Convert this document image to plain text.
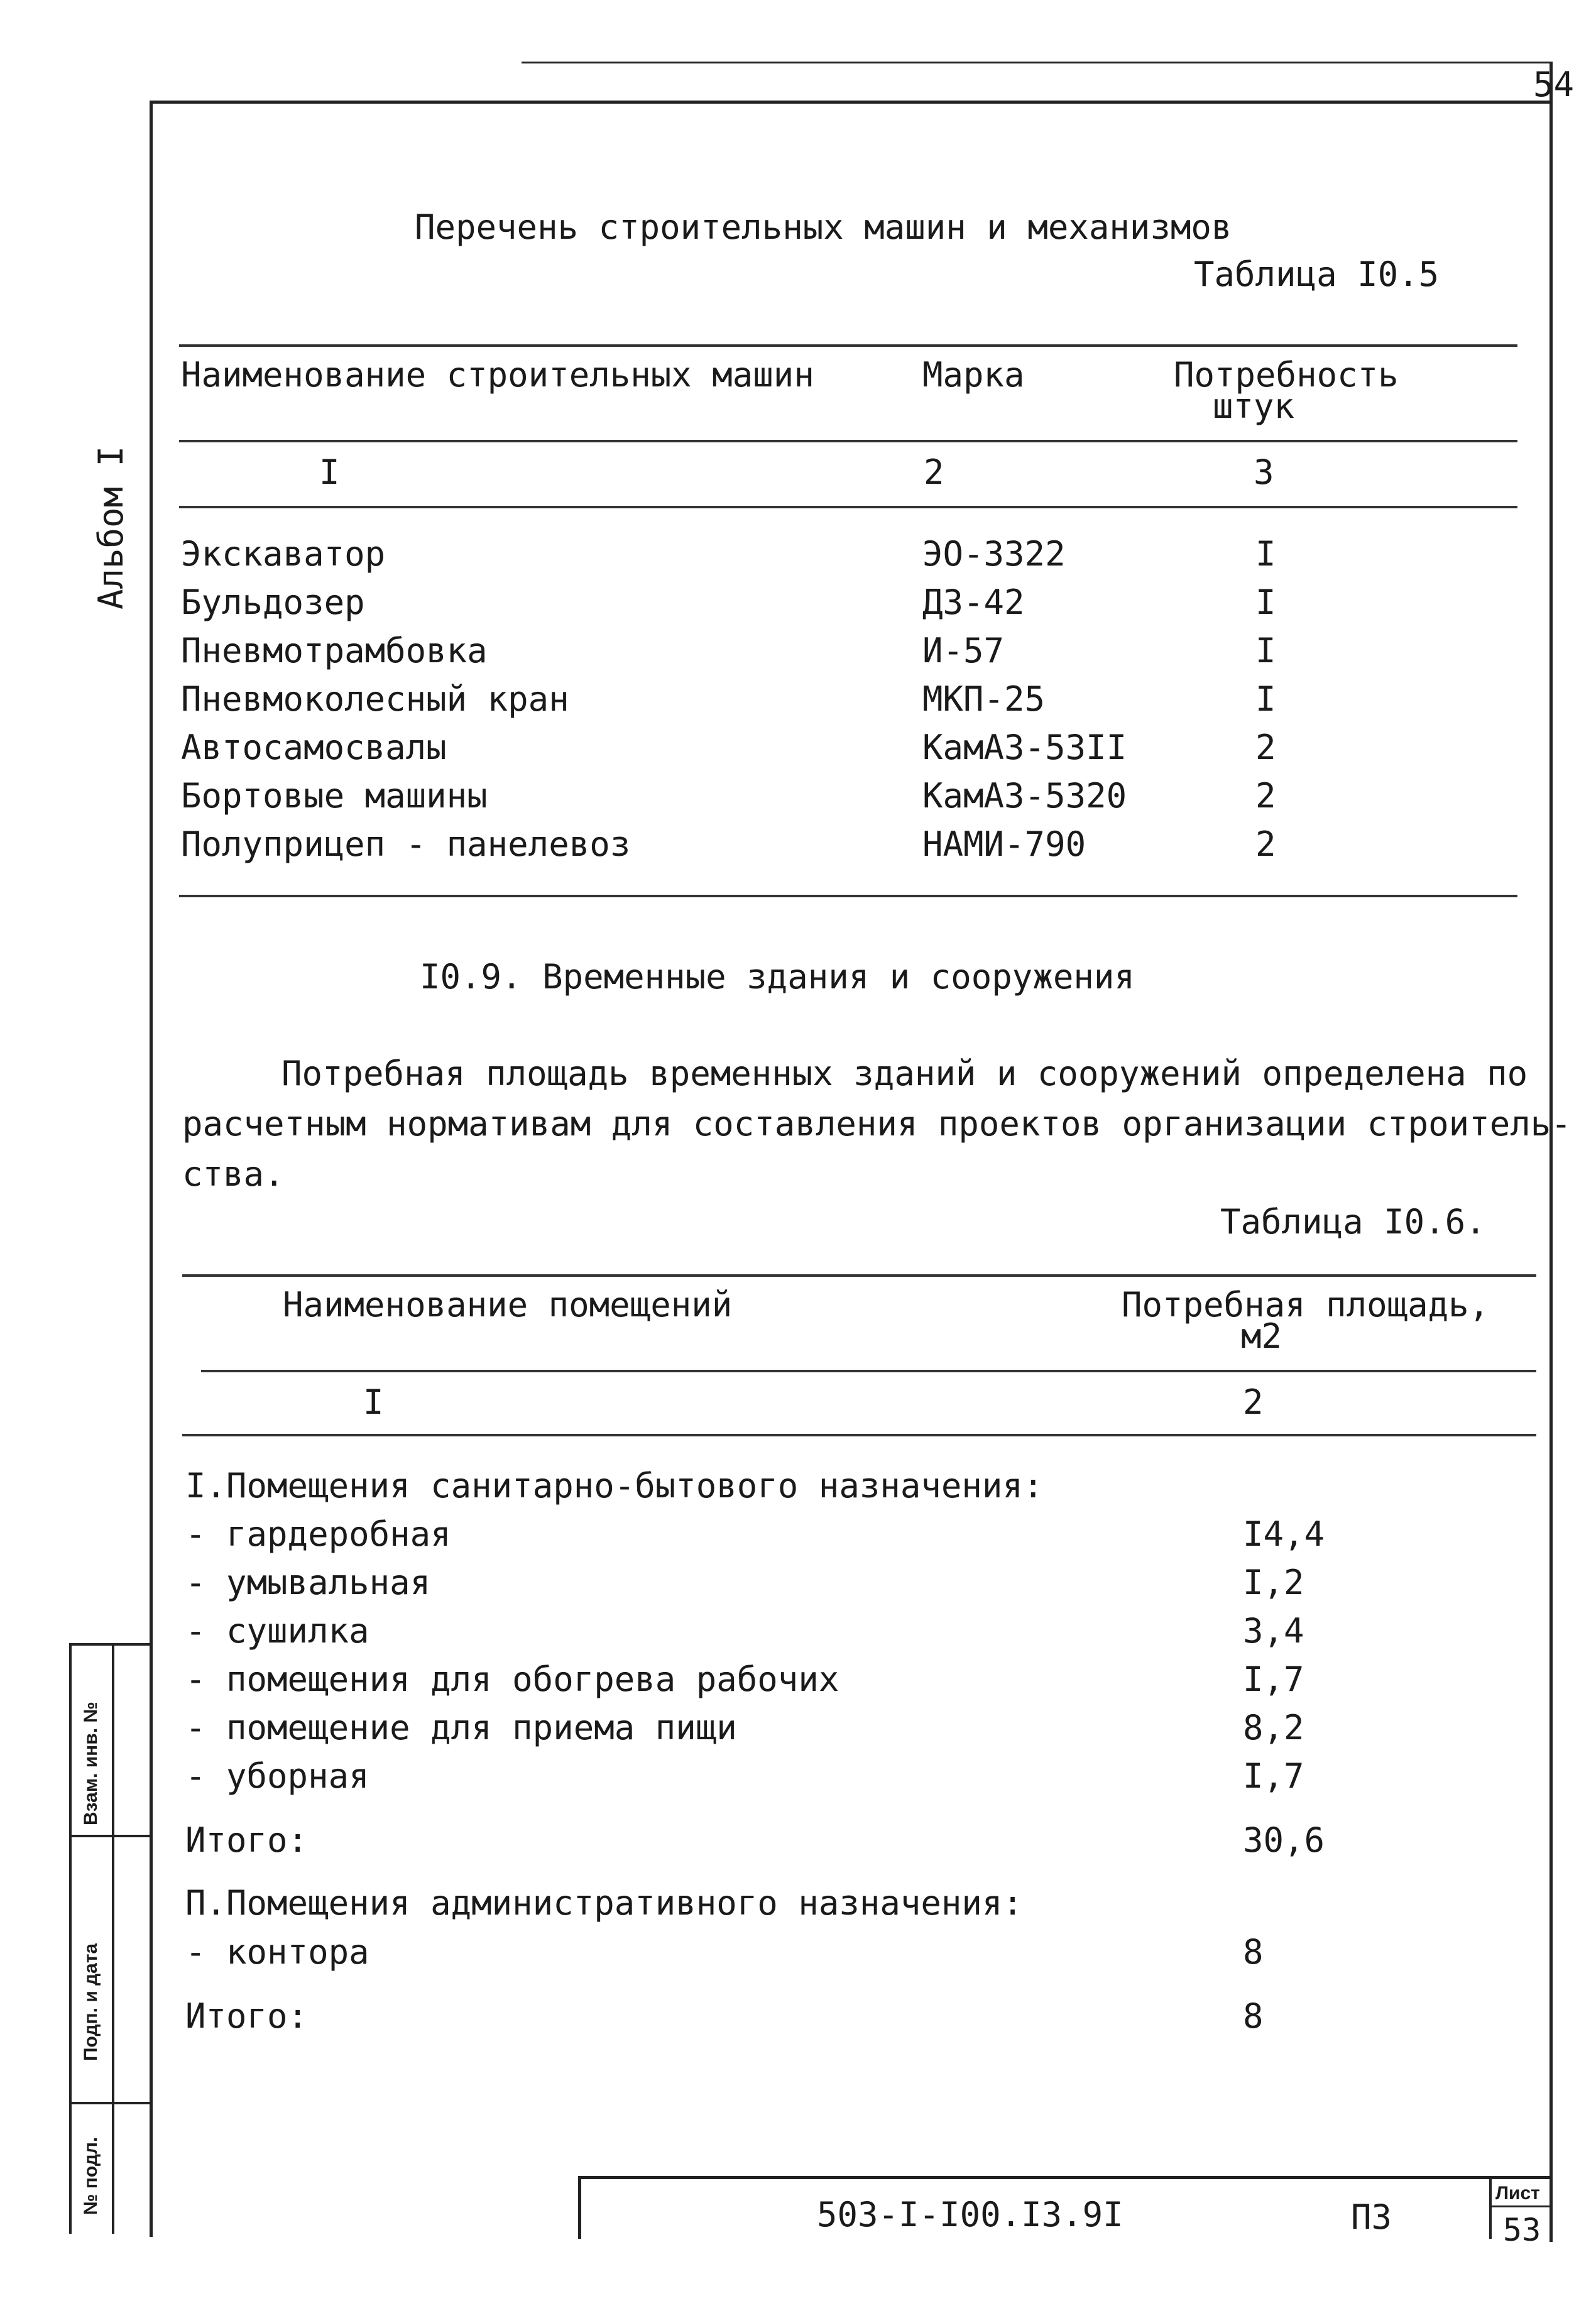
54
Альбом I
Перечень строительных машин и механизмов
Таблица I0.5
Наименование строительных машин	Марка	Потребность
штук
I	2	3
Экскаватор	ЭО-3322	I
Бульдозер	ДЗ-42	I
Пневмотрамбовка	И-57	I
Пневмоколесный кран	МКП-25	I
Автосамосвалы	КамАЗ-53II	2
Бортовые машины	КамАЗ-5320	2
Полуприцеп - панелевоз	НАМИ-790	2
I0.9. Временные здания и сооружения
Потребная площадь временных зданий и сооружений определена по
расчетным нормативам для составления проектов организации строитель-
ства.
Таблица I0.6.
Наименование помещений	Потребная площадь,
м2
I	2
I.Помещения санитарно-бытового назначения:
- гардеробная	I4,4
- умывальная	I,2
- сушилка	3,4
- помещения для обогрева рабочих	I,7
- помещение для приема пищи	8,2
- уборная	I,7
Итого:	30,6
П.Помещения административного назначения:
- контора	8
Итого:	8
Взам. инв. №
Подп. и дата
№ подл.	503-I-I00.I3.9I	ПЗ
Лист
53
